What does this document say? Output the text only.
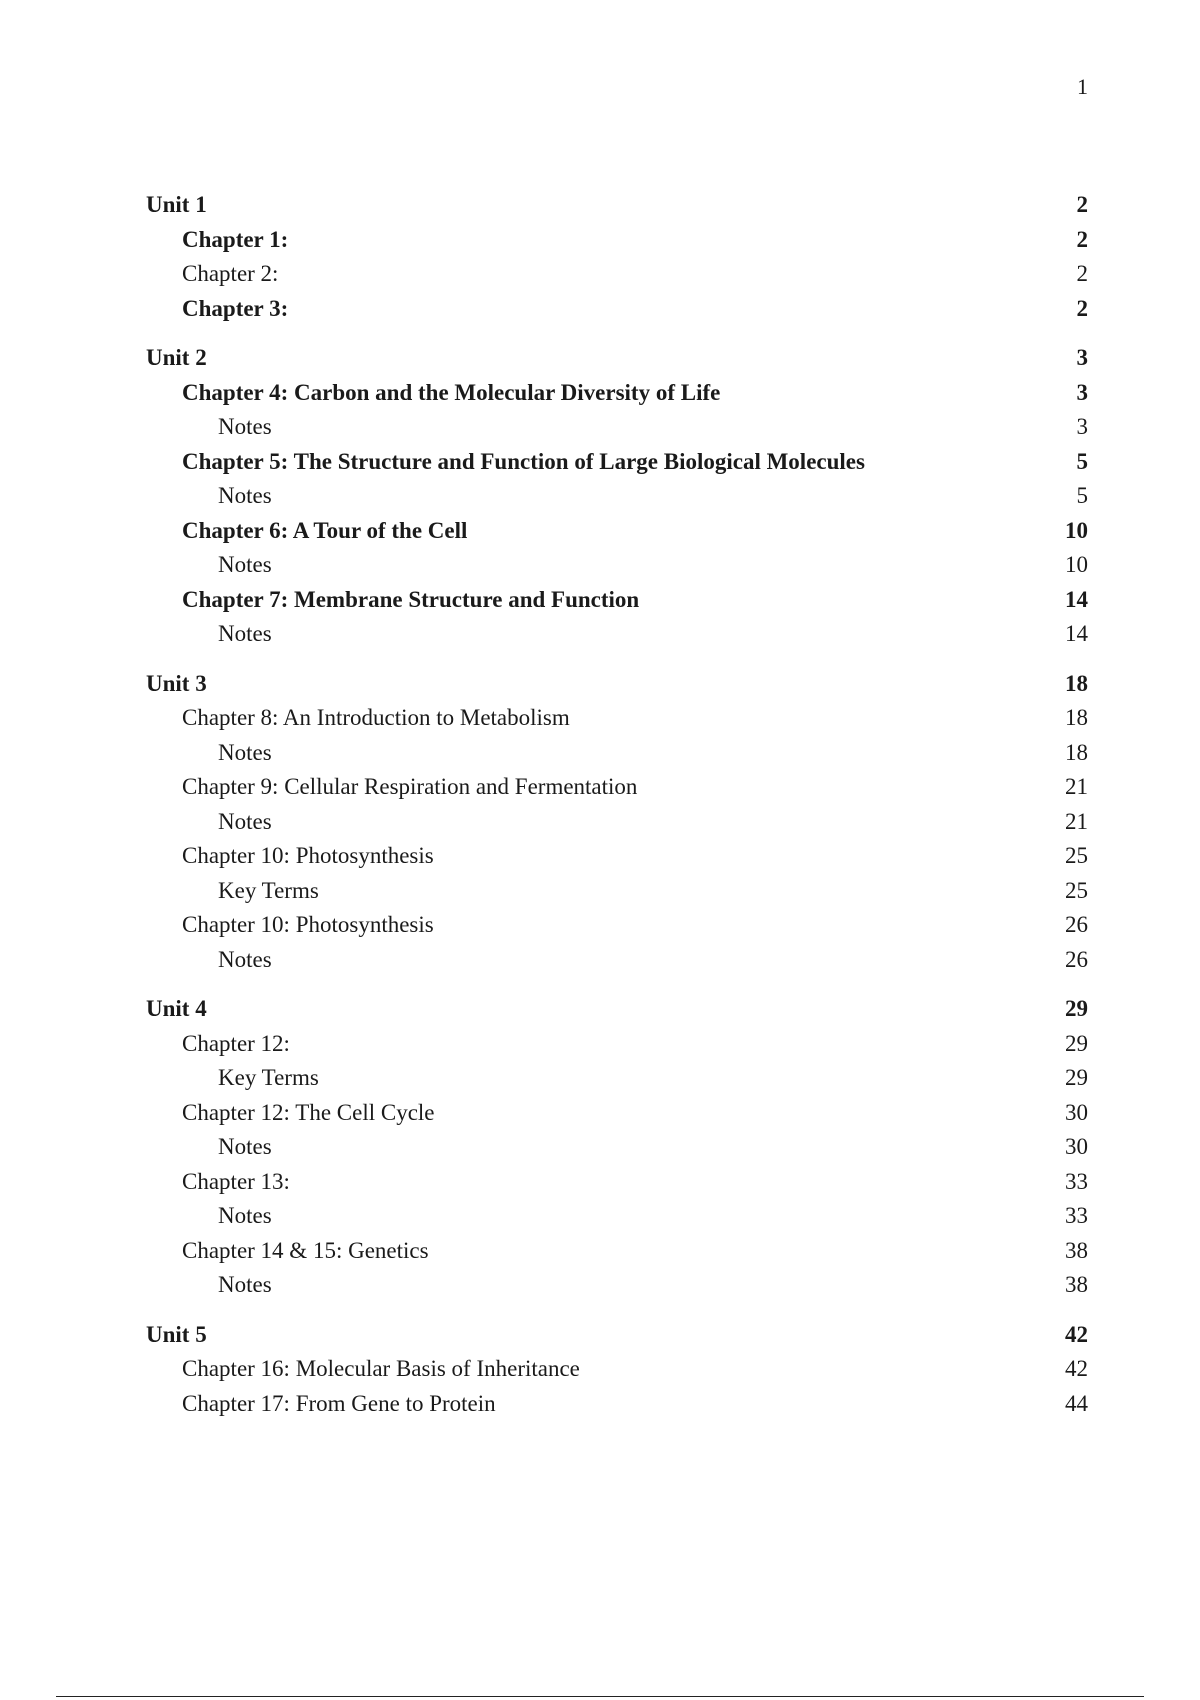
1
Unit 1	2
Chapter 1:	2
Chapter 2:	2
Chapter 3:	2
Unit 2	3
Chapter 4: Carbon and the Molecular Diversity of Life	3
Notes	3
Chapter 5: The Structure and Function of Large Biological Molecules	5
Notes	5
Chapter 6: A Tour of the Cell	10
Notes	10
Chapter 7: Membrane Structure and Function	14
Notes	14
Unit 3	18
Chapter 8: An Introduction to Metabolism	18
Notes	18
Chapter 9: Cellular Respiration and Fermentation	21
Notes	21
Chapter 10: Photosynthesis	25
Key Terms	25
Chapter 10: Photosynthesis	26
Notes	26
Unit 4	29
Chapter 12:	29
Key Terms	29
Chapter 12: The Cell Cycle	30
Notes	30
Chapter 13:	33
Notes	33
Chapter 14 & 15: Genetics	38
Notes	38
Unit 5	42
Chapter 16: Molecular Basis of Inheritance	42
Chapter 17: From Gene to Protein	44
